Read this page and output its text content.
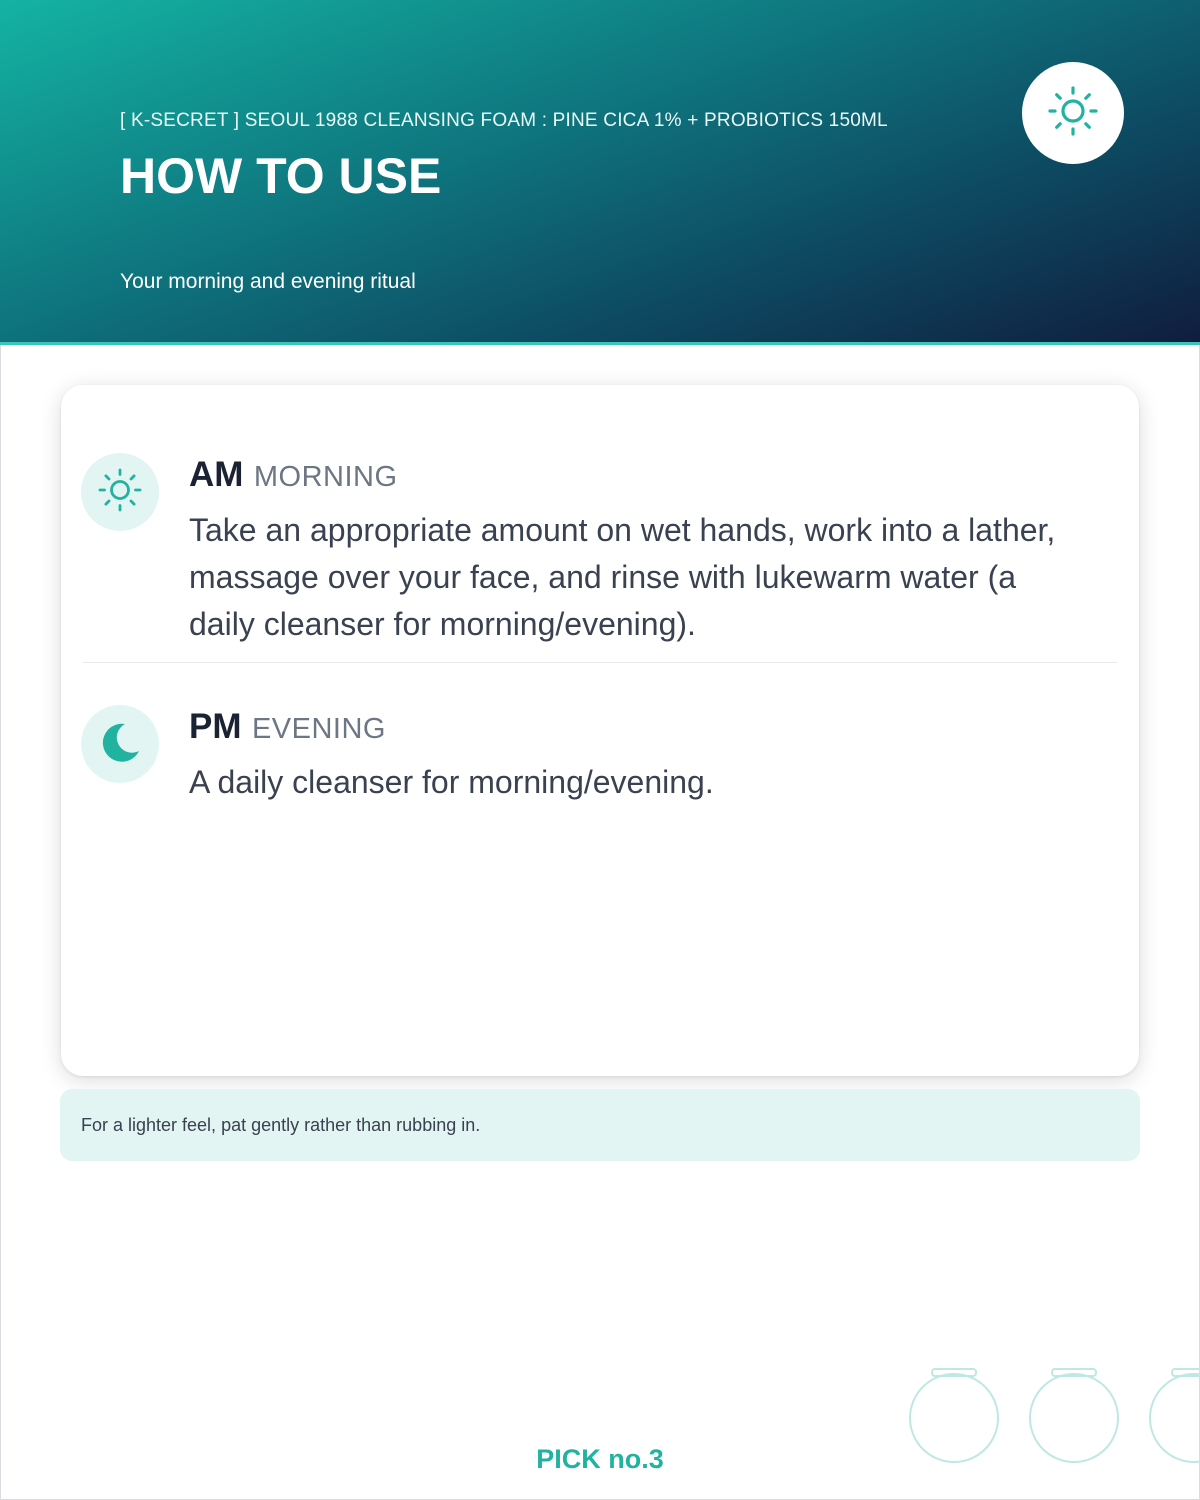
[ K-SECRET ] SEOUL 1988 CLEANSING FOAM : PINE CICA 1% + PROBIOTICS 150ML
HOW TO USE
Your morning and evening ritual
AM MORNING

Take an appropriate amount on wet hands, work into a lather, massage over your face, and rinse with lukewarm water (a daily cleanser for morning/evening).

PM EVENING

A daily cleanser for morning/evening.

For a lighter feel, pat gently rather than rubbing in.
PICK no.3
